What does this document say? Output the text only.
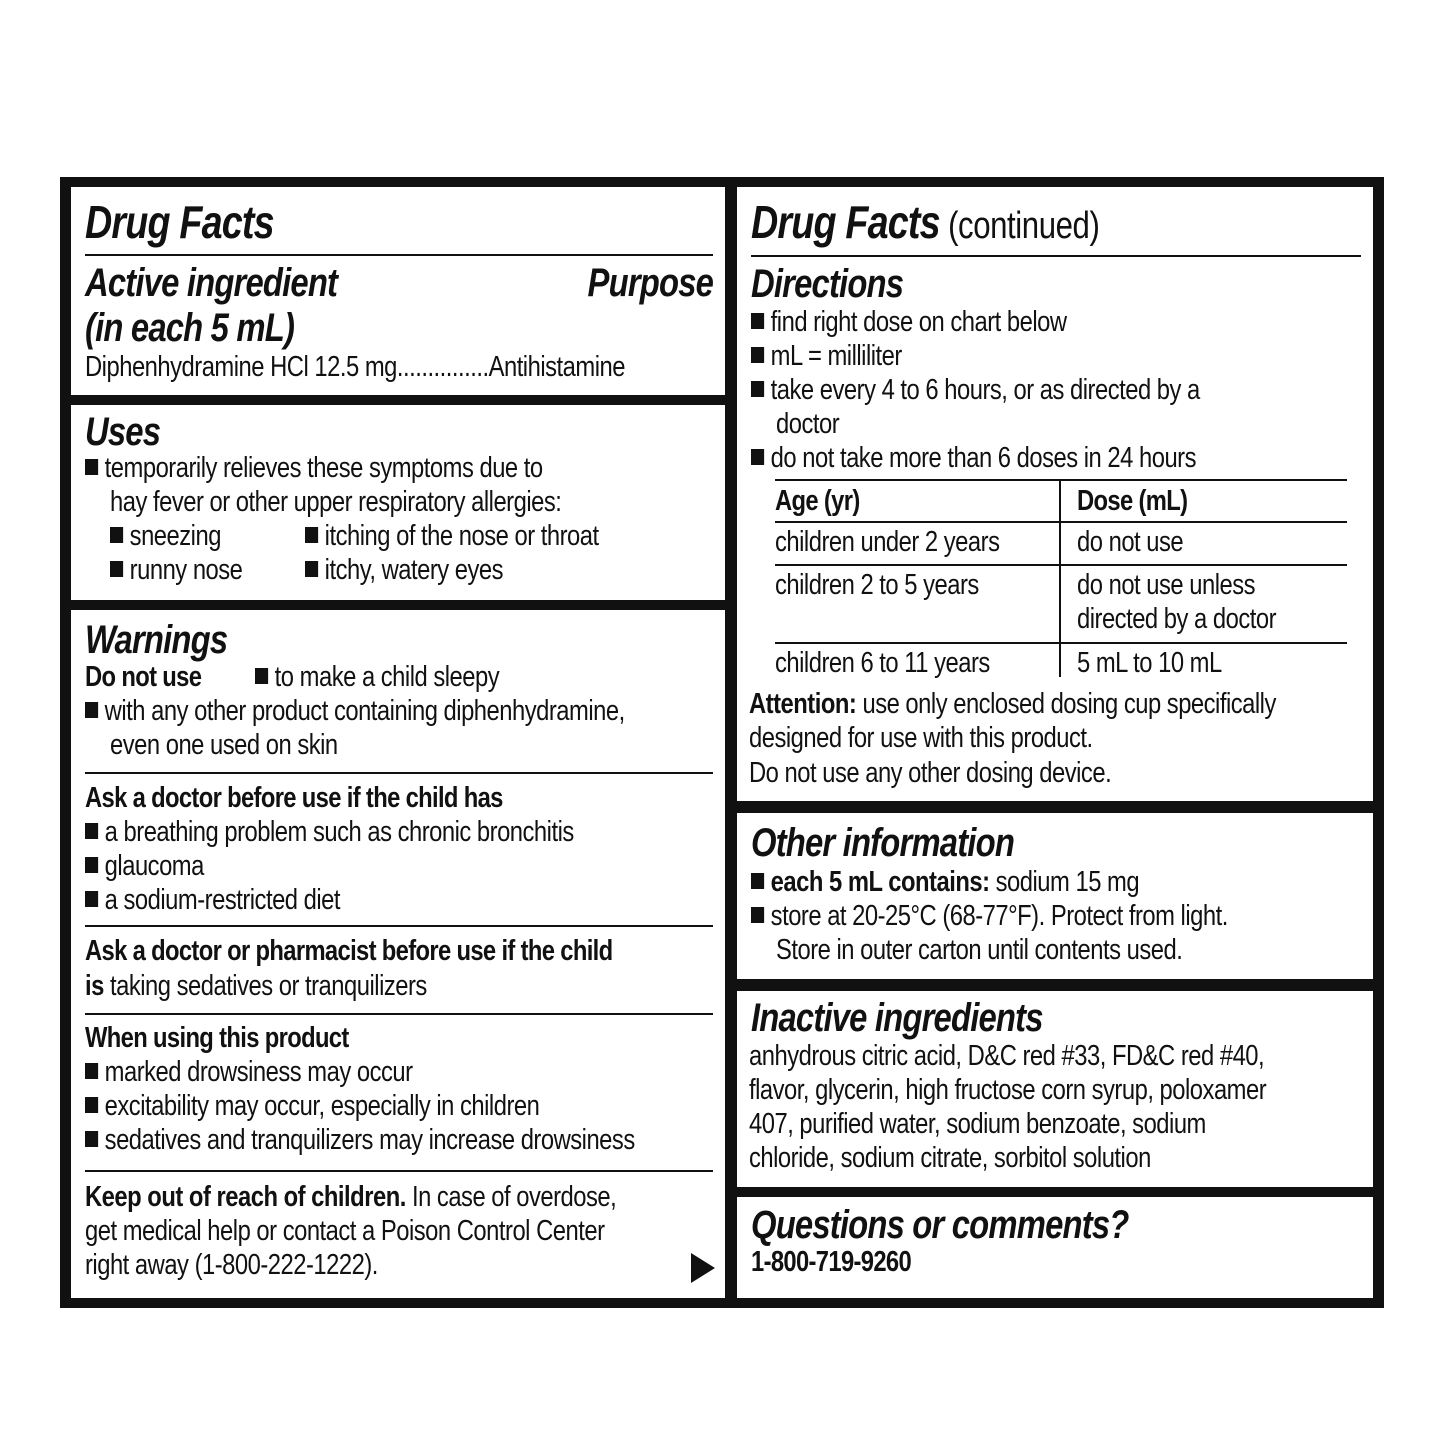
Drug Facts
Active ingredient
(in each 5 mL)
Purpose
Diphenhydramine HCl 12.5 mg...............Antihistamine
Uses
temporarily relieves these symptoms due to
hay fever or other upper respiratory allergies:
sneezing	itching of the nose or throat
runny nose	itchy, watery eyes
Warnings
Do not use	to make a child sleepy
with any other product containing diphenhydramine,
even one used on skin
Ask a doctor before use if the child has
a breathing problem such as chronic bronchitis
glaucoma
a sodium-restricted diet
Ask a doctor or pharmacist before use if the child
is taking sedatives or tranquilizers
When using this product
marked drowsiness may occur
excitability may occur, especially in children
sedatives and tranquilizers may increase drowsiness
Keep out of reach of children. In case of overdose,
get medical help or contact a Poison Control Center
right away (1-800-222-1222).
Drug Facts (continued)
Directions
find right dose on chart below
mL = milliliter
take every 4 to 6 hours, or as directed by a
doctor
do not take more than 6 doses in 24 hours
Age (yr)	Dose (mL)
children under 2 years	do not use
children 2 to 5 years	do not use unless
directed by a doctor
children 6 to 11 years	5 mL to 10 mL
Attention: use only enclosed dosing cup specifically
designed for use with this product.
Do not use any other dosing device.
Other information
each 5 mL contains: sodium 15 mg
store at 20-25°C (68-77°F). Protect from light.
Store in outer carton until contents used.
Inactive ingredients
anhydrous citric acid, D&C red #33, FD&C red #40,
flavor, glycerin, high fructose corn syrup, poloxamer
407, purified water, sodium benzoate, sodium
chloride, sodium citrate, sorbitol solution
Questions or comments?
1-800-719-9260
